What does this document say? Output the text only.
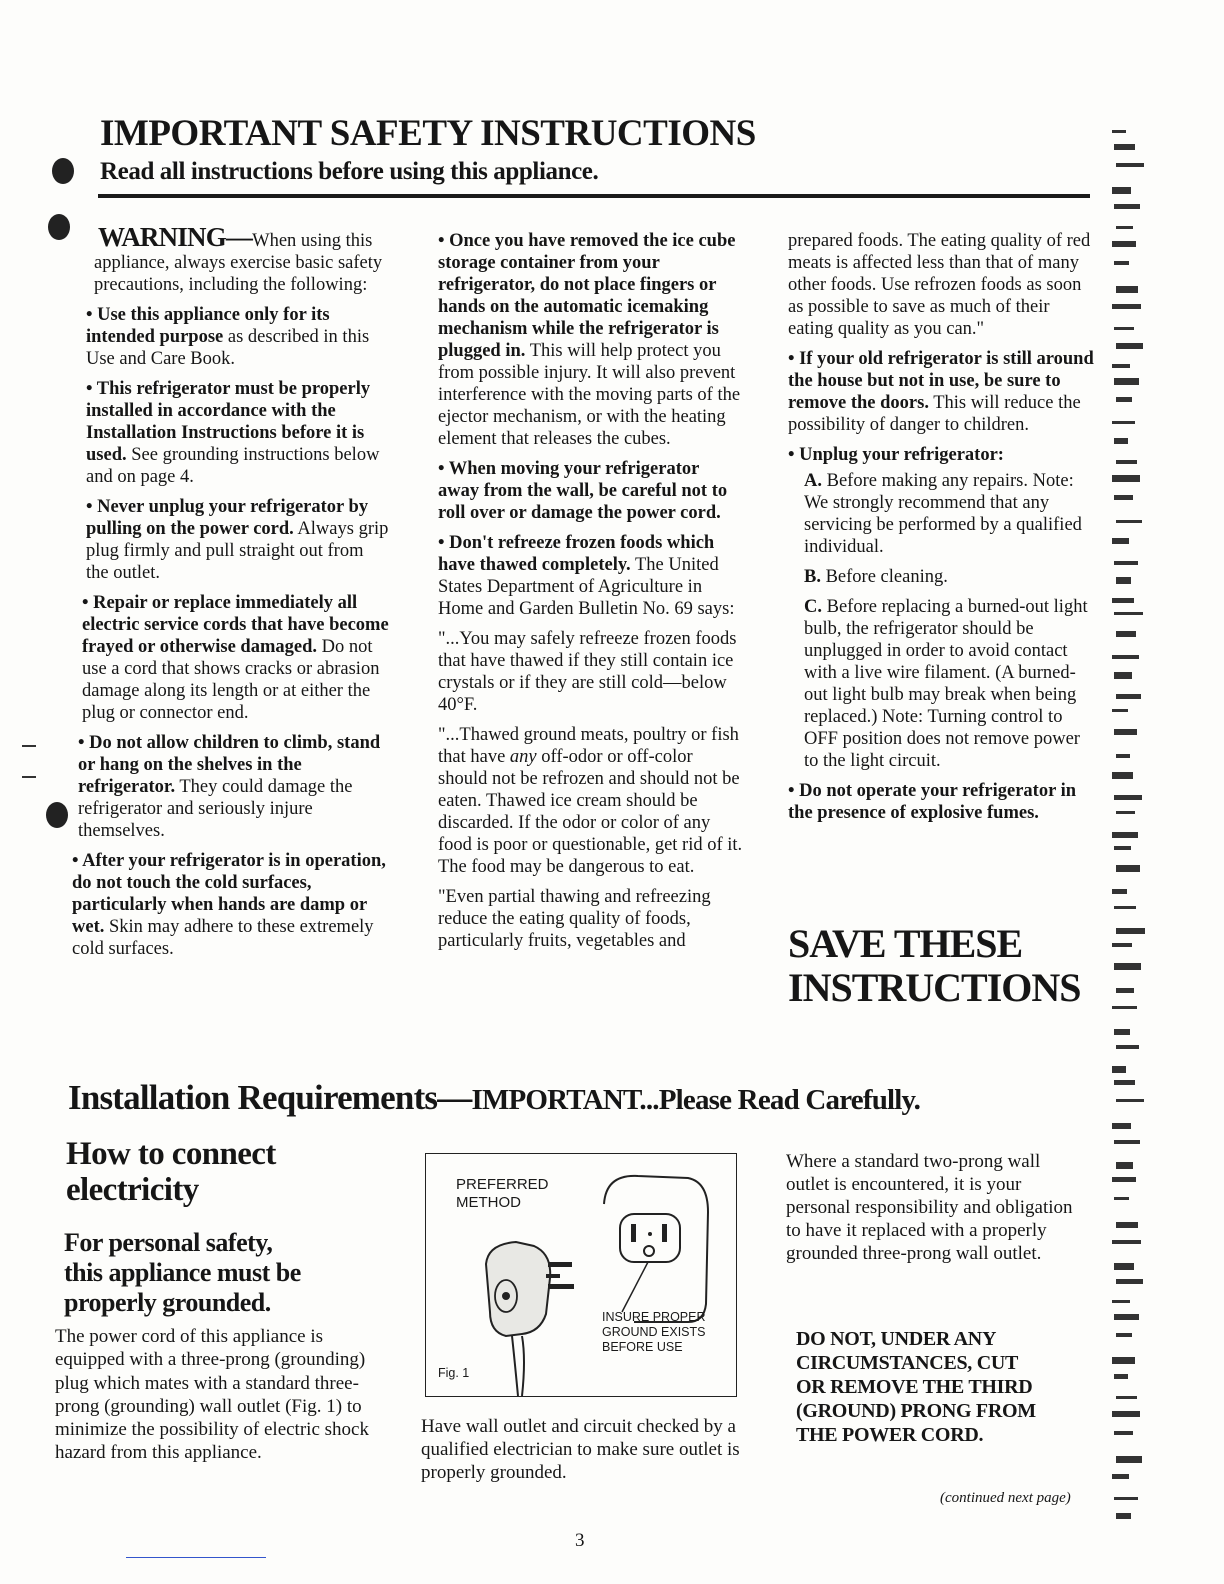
IMPORTANT SAFETY INSTRUCTIONS
Read all instructions before using this appliance.

WARNING—When using this

appliance, always exercise basic safety precautions, including the following:

• Use this appliance only for its intended purpose as described in this Use and Care Book.

• This refrigerator must be properly installed in accordance with the Installation Instructions before it is used. See grounding instructions below and on page 4.

• Never unplug your refrigerator by pulling on the power cord. Always grip plug firmly and pull straight out from the outlet.

• Repair or replace immediately all electric service cords that have become frayed or otherwise damaged. Do not use a cord that shows cracks or abrasion damage along its length or at either the plug or connector end.

• Do not allow children to climb, stand or hang on the shelves in the refrigerator. They could damage the refrigerator and seriously injure themselves.

• After your refrigerator is in operation, do not touch the cold surfaces, particularly when hands are damp or wet. Skin may adhere to these extremely cold surfaces.

• Once you have removed the ice cube storage container from your refrigerator, do not place fingers or hands on the automatic icemaking mechanism while the refrigerator is plugged in. This will help protect you from possible injury. It will also prevent interference with the moving parts of the ejector mechanism, or with the heating element that releases the cubes.

• When moving your refrigerator away from the wall, be careful not to roll over or damage the power cord.

• Don't refreeze frozen foods which have thawed completely. The United States Department of Agriculture in Home and Garden Bulletin No. 69 says:

"...You may safely refreeze frozen foods that have thawed if they still contain ice crystals or if they are still cold—below 40°F.

"...Thawed ground meats, poultry or fish that have any off-odor or off-color should not be refrozen and should not be eaten. Thawed ice cream should be discarded. If the odor or color of any food is poor or questionable, get rid of it. The food may be dangerous to eat.

"Even partial thawing and refreezing reduce the eating quality of foods, particularly fruits, vegetables and

prepared foods. The eating quality of red meats is affected less than that of many other foods. Use refrozen foods as soon as possible to save as much of their eating quality as you can."

• If your old refrigerator is still around the house but not in use, be sure to remove the doors. This will reduce the possibility of danger to children.

• Unplug your refrigerator:

A. Before making any repairs. Note: We strongly recommend that any servicing be performed by a qualified individual.

B. Before cleaning.

C. Before replacing a burned-out light bulb, the refrigerator should be unplugged in order to avoid contact with a live wire filament. (A burned-out light bulb may break when being replaced.) Note: Turning control to OFF position does not remove power to the light circuit.

• Do not operate your refrigerator in the presence of explosive fumes.

SAVE THESE
INSTRUCTIONS
Installation Requirements—IMPORTANT...Please Read Carefully.
How to connect
electricity
For personal safety,
this appliance must be
properly grounded.
The power cord of this appliance is equipped with a three-prong (grounding) plug which mates with a standard three-prong (grounding) wall outlet (Fig. 1) to minimize the possibility of electric shock hazard from this appliance.
PREFERRED
METHOD
INSURE PROPER
GROUND EXISTS
BEFORE USE
Fig. 1
Have wall outlet and circuit checked by a qualified electrician to make sure outlet is properly grounded.
Where a standard two-prong wall outlet is encountered, it is your personal responsibility and obligation to have it replaced with a properly grounded three-prong wall outlet.
DO NOT, UNDER ANY
CIRCUMSTANCES, CUT
OR REMOVE THE THIRD
(GROUND) PRONG FROM
THE POWER CORD.
(continued next page)
3
